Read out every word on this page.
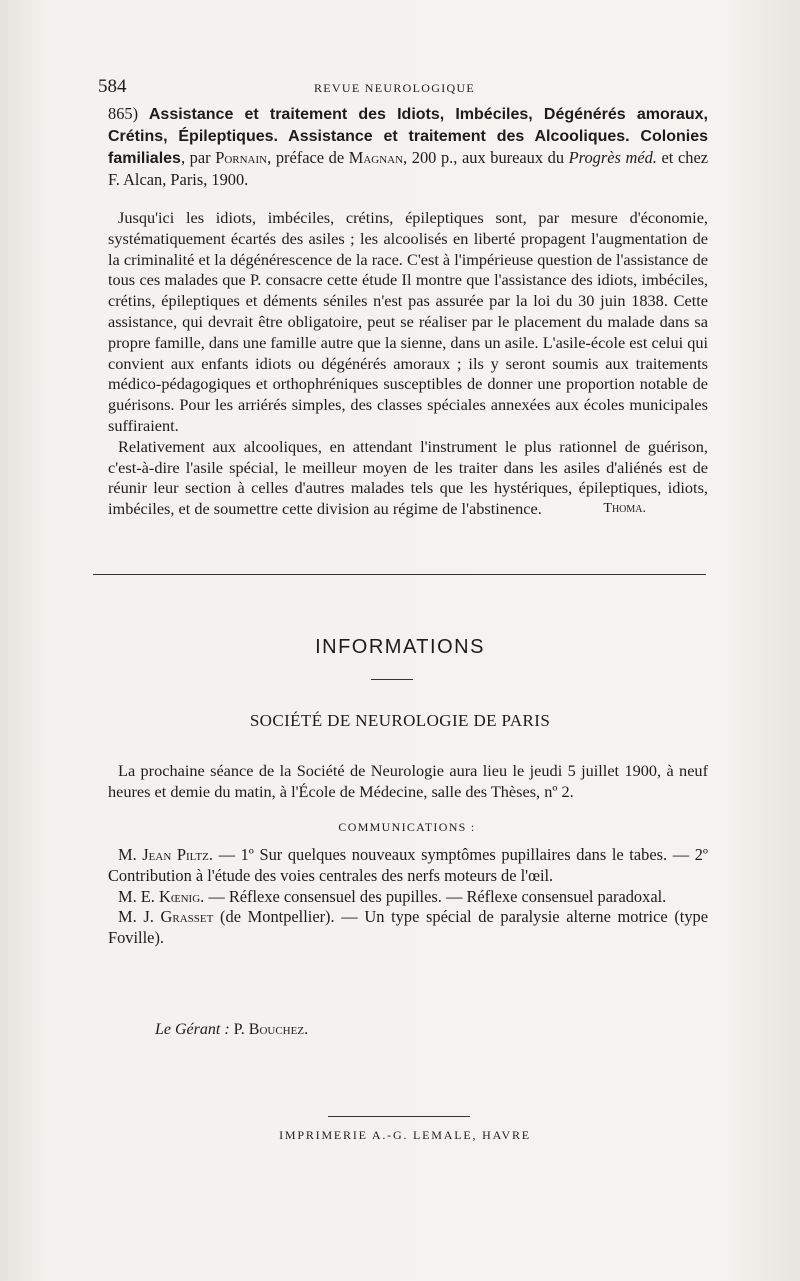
584	REVUE NEUROLOGIQUE
865) Assistance et traitement des Idiots, Imbéciles, Dégénérés amoraux, Crétins, Épileptiques. Assistance et traitement des Alcooliques. Colonies familiales, par Pornain, préface de Magnan, 200 p., aux bureaux du Progrès méd. et chez F. Alcan, Paris, 1900.

Jusqu'ici les idiots, imbéciles, crétins, épileptiques sont, par mesure d'économie, systématiquement écartés des asiles ; les alcoolisés en liberté propagent l'augmentation de la criminalité et la dégénérescence de la race. C'est à l'impérieuse question de l'assistance de tous ces malades que P. consacre cette étude Il montre que l'assistance des idiots, imbéciles, crétins, épileptiques et déments séniles n'est pas assurée par la loi du 30 juin 1838. Cette assistance, qui devrait être obligatoire, peut se réaliser par le placement du malade dans sa propre famille, dans une famille autre que la sienne, dans un asile. L'asile-école est celui qui convient aux enfants idiots ou dégénérés amoraux ; ils y seront soumis aux traitements médico-pédagogiques et orthophréniques susceptibles de donner une proportion notable de guérisons. Pour les arriérés simples, des classes spéciales annexées aux écoles municipales suffiraient.

Relativement aux alcooliques, en attendant l'instrument le plus rationnel de guérison, c'est-à-dire l'asile spécial, le meilleur moyen de les traiter dans les asiles d'aliénés est de réunir leur section à celles d'autres malades tels que les hystériques, épileptiques, idiots, imbéciles, et de soumettre cette division au régime de l'abstinence.	Thoma.

INFORMATIONS
SOCIÉTÉ DE NEUROLOGIE DE PARIS

La prochaine séance de la Société de Neurologie aura lieu le jeudi 5 juillet 1900, à neuf heures et demie du matin, à l'École de Médecine, salle des Thèses, nº 2.

COMMUNICATIONS :

M. Jean Piltz. — 1º Sur quelques nouveaux symptômes pupillaires dans le tabes. — 2º Contribution à l'étude des voies centrales des nerfs moteurs de l'œil.

M. E. Kœnig. — Réflexe consensuel des pupilles. — Réflexe consensuel paradoxal.

M. J. Grasset (de Montpellier). — Un type spécial de paralysie alterne motrice (type Foville).

Le Gérant : P. Bouchez.
IMPRIMERIE A.-G. LEMALE, HAVRE
